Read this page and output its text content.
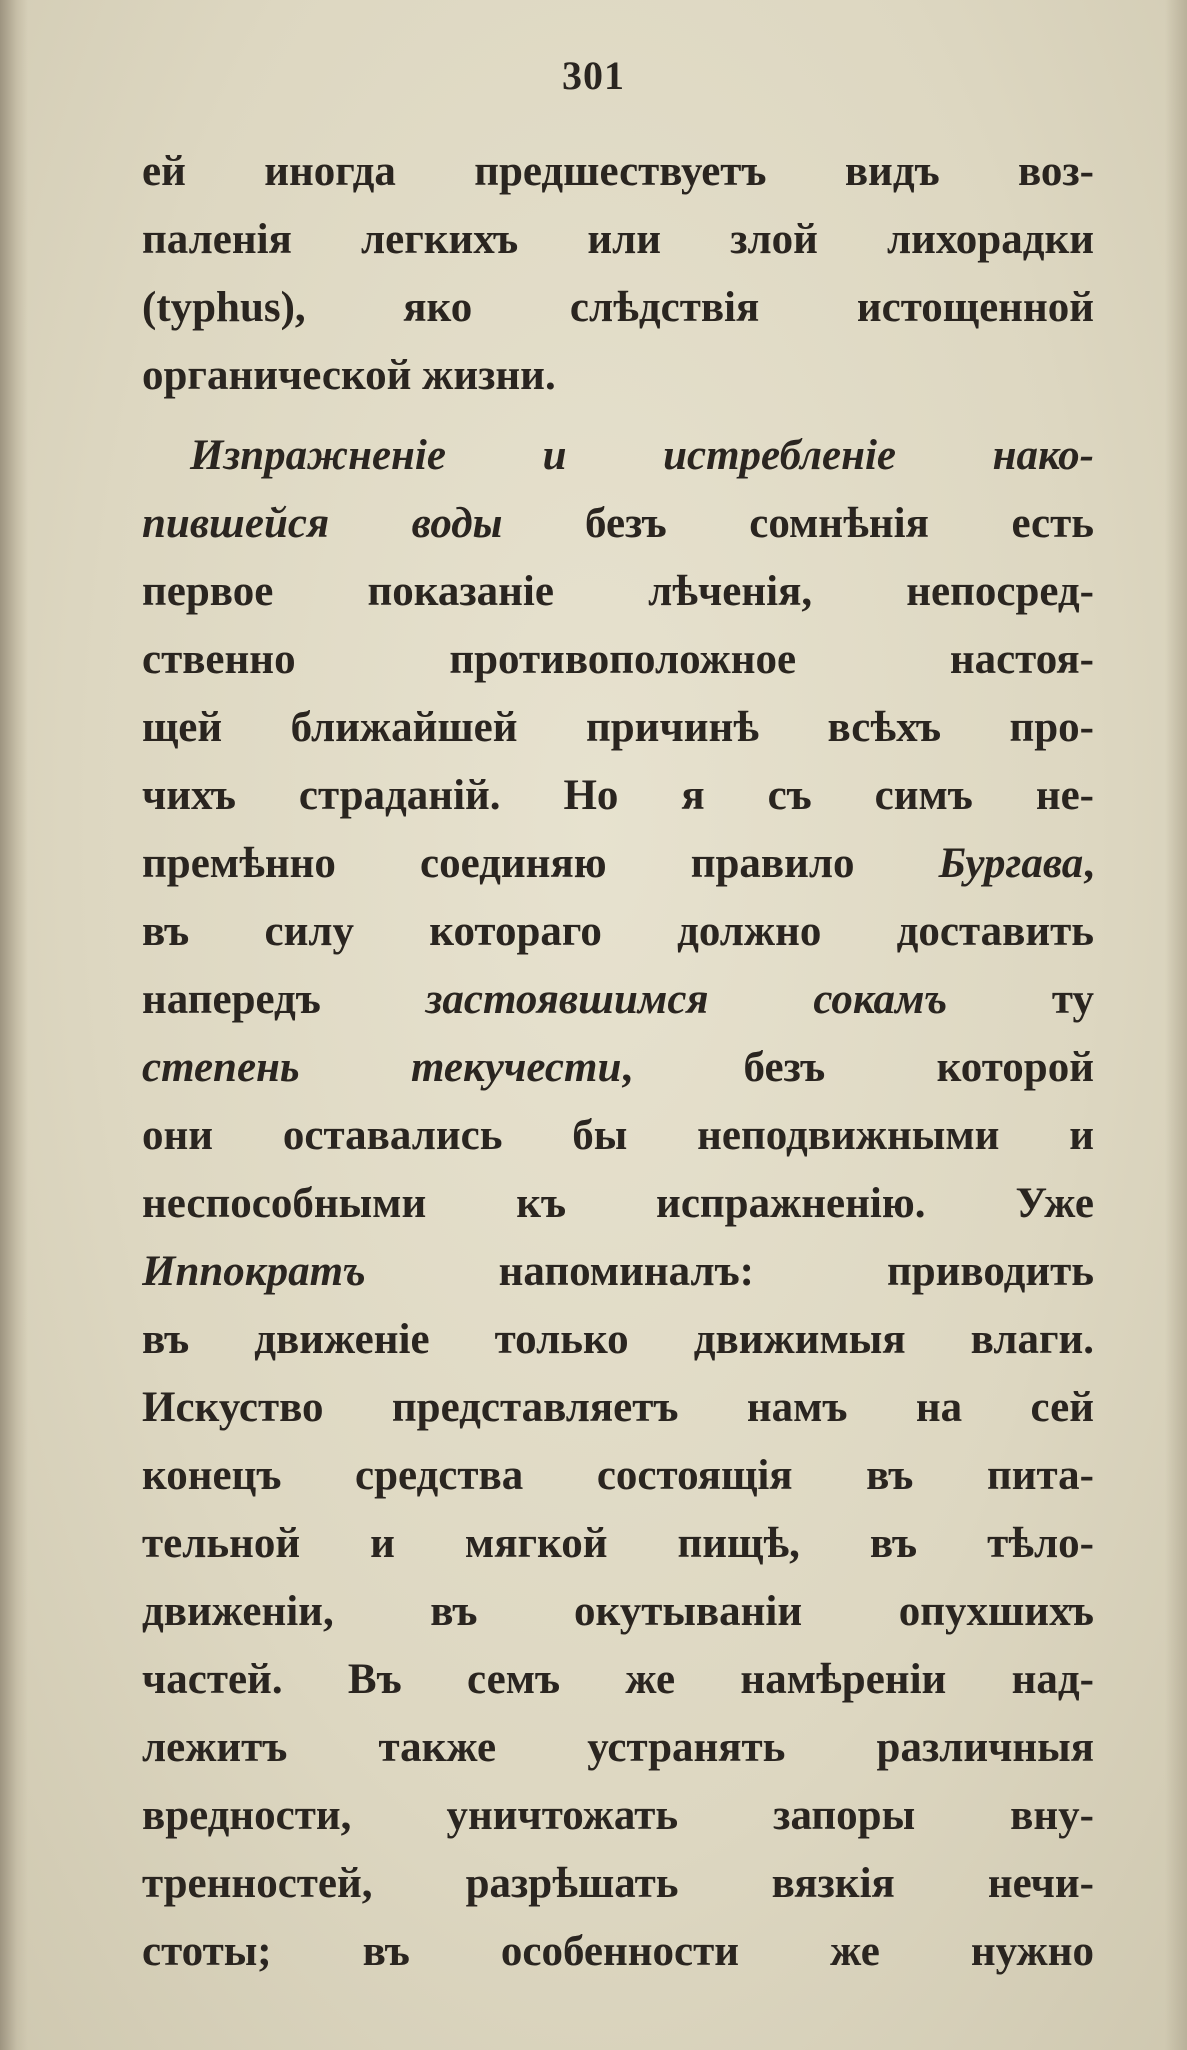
301
ей иногда предшествуетъ видъ воз-
паленія легкихъ или злой лихорадки
(typhus), яко слѣдствія истощенной
органической жизни.
Изпражненіе и истребленіе нако-
пившейся воды безъ сомнѣнія есть
первое показаніе лѣченія, непосред-
ственно противоположное настоя-
щей ближайшей причинѣ всѣхъ про-
чихъ страданій. Но я съ симъ не-
премѣнно соединяю правило Бургава,
въ силу котораго должно доставить
напередъ застоявшимся сокамъ ту
степень текучести, безъ которой
они оставались бы неподвижными и
неспособными къ испражненію. Уже
Иппократъ напоминалъ: приводить
въ движеніе только движимыя влаги.
Искуство представляетъ намъ на сей
конецъ средства состоящія въ пита-
тельной и мягкой пищѣ, въ тѣло-
движеніи, въ окутываніи опухшихъ
частей. Въ семъ же намѣреніи над-
лежитъ также устранять различныя
вредности, уничтожать запоры вну-
тренностей, разрѣшать вязкія нечи-
стоты; въ особенности же нужно
